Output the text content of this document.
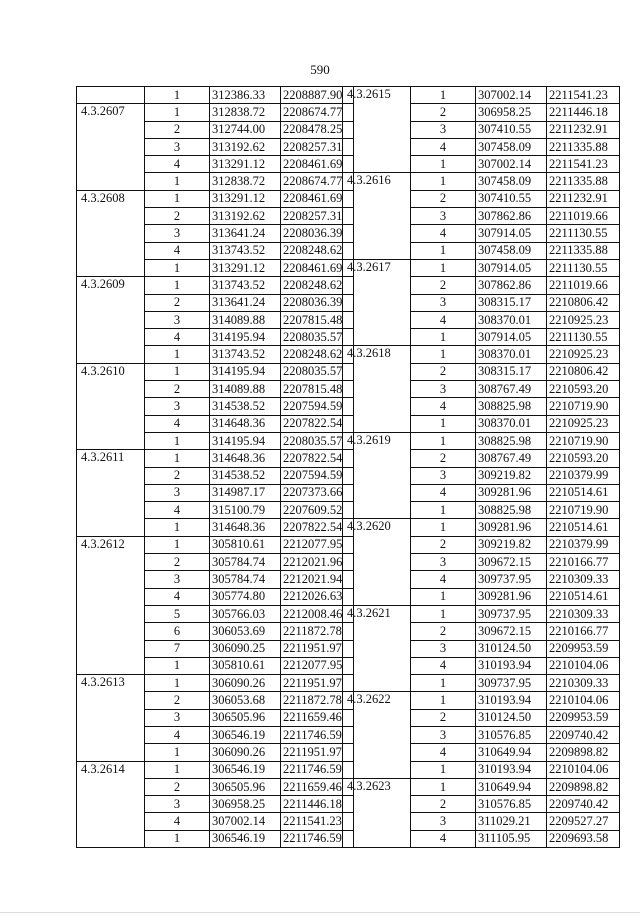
590
	1	312386.33	2208887.90
4.3.2607	1	312838.72	2208674.77
	2	312744.00	2208478.25
	3	313192.62	2208257.31
	4	313291.12	2208461.69
	1	312838.72	2208674.77
4.3.2608	1	313291.12	2208461.69
	2	313192.62	2208257.31
	3	313641.24	2208036.39
	4	313743.52	2208248.62
	1	313291.12	2208461.69
4.3.2609	1	313743.52	2208248.62
	2	313641.24	2208036.39
	3	314089.88	2207815.48
	4	314195.94	2208035.57
	1	313743.52	2208248.62
4.3.2610	1	314195.94	2208035.57
	2	314089.88	2207815.48
	3	314538.52	2207594.59
	4	314648.36	2207822.54
	1	314195.94	2208035.57
4.3.2611	1	314648.36	2207822.54
	2	314538.52	2207594.59
	3	314987.17	2207373.66
	4	315100.79	2207609.52
	1	314648.36	2207822.54
4.3.2612	1	305810.61	2212077.95
	2	305784.74	2212021.96
	3	305784.74	2212021.94
	4	305774.80	2212026.63
	5	305766.03	2212008.46
	6	306053.69	2211872.78
	7	306090.25	2211951.97
	1	305810.61	2212077.95
4.3.2613	1	306090.26	2211951.97
	2	306053.68	2211872.78
	3	306505.96	2211659.46
	4	306546.19	2211746.59
	1	306090.26	2211951.97
4.3.2614	1	306546.19	2211746.59
	2	306505.96	2211659.46
	3	306958.25	2211446.18
	4	307002.14	2211541.23
	1	306546.19	2211746.59
4.3.2615	1	307002.14	2211541.23
	2	306958.25	2211446.18
	3	307410.55	2211232.91
	4	307458.09	2211335.88
	1	307002.14	2211541.23
4.3.2616	1	307458.09	2211335.88
	2	307410.55	2211232.91
	3	307862.86	2211019.66
	4	307914.05	2211130.55
	1	307458.09	2211335.88
4.3.2617	1	307914.05	2211130.55
	2	307862.86	2211019.66
	3	308315.17	2210806.42
	4	308370.01	2210925.23
	1	307914.05	2211130.55
4.3.2618	1	308370.01	2210925.23
	2	308315.17	2210806.42
	3	308767.49	2210593.20
	4	308825.98	2210719.90
	1	308370.01	2210925.23
4.3.2619	1	308825.98	2210719.90
	2	308767.49	2210593.20
	3	309219.82	2210379.99
	4	309281.96	2210514.61
	1	308825.98	2210719.90
4.3.2620	1	309281.96	2210514.61
	2	309219.82	2210379.99
	3	309672.15	2210166.77
	4	309737.95	2210309.33
	1	309281.96	2210514.61
4.3.2621	1	309737.95	2210309.33
	2	309672.15	2210166.77
	3	310124.50	2209953.59
	4	310193.94	2210104.06
	1	309737.95	2210309.33
4.3.2622	1	310193.94	2210104.06
	2	310124.50	2209953.59
	3	310576.85	2209740.42
	4	310649.94	2209898.82
	1	310193.94	2210104.06
4.3.2623	1	310649.94	2209898.82
	2	310576.85	2209740.42
	3	311029.21	2209527.27
	4	311105.95	2209693.58
